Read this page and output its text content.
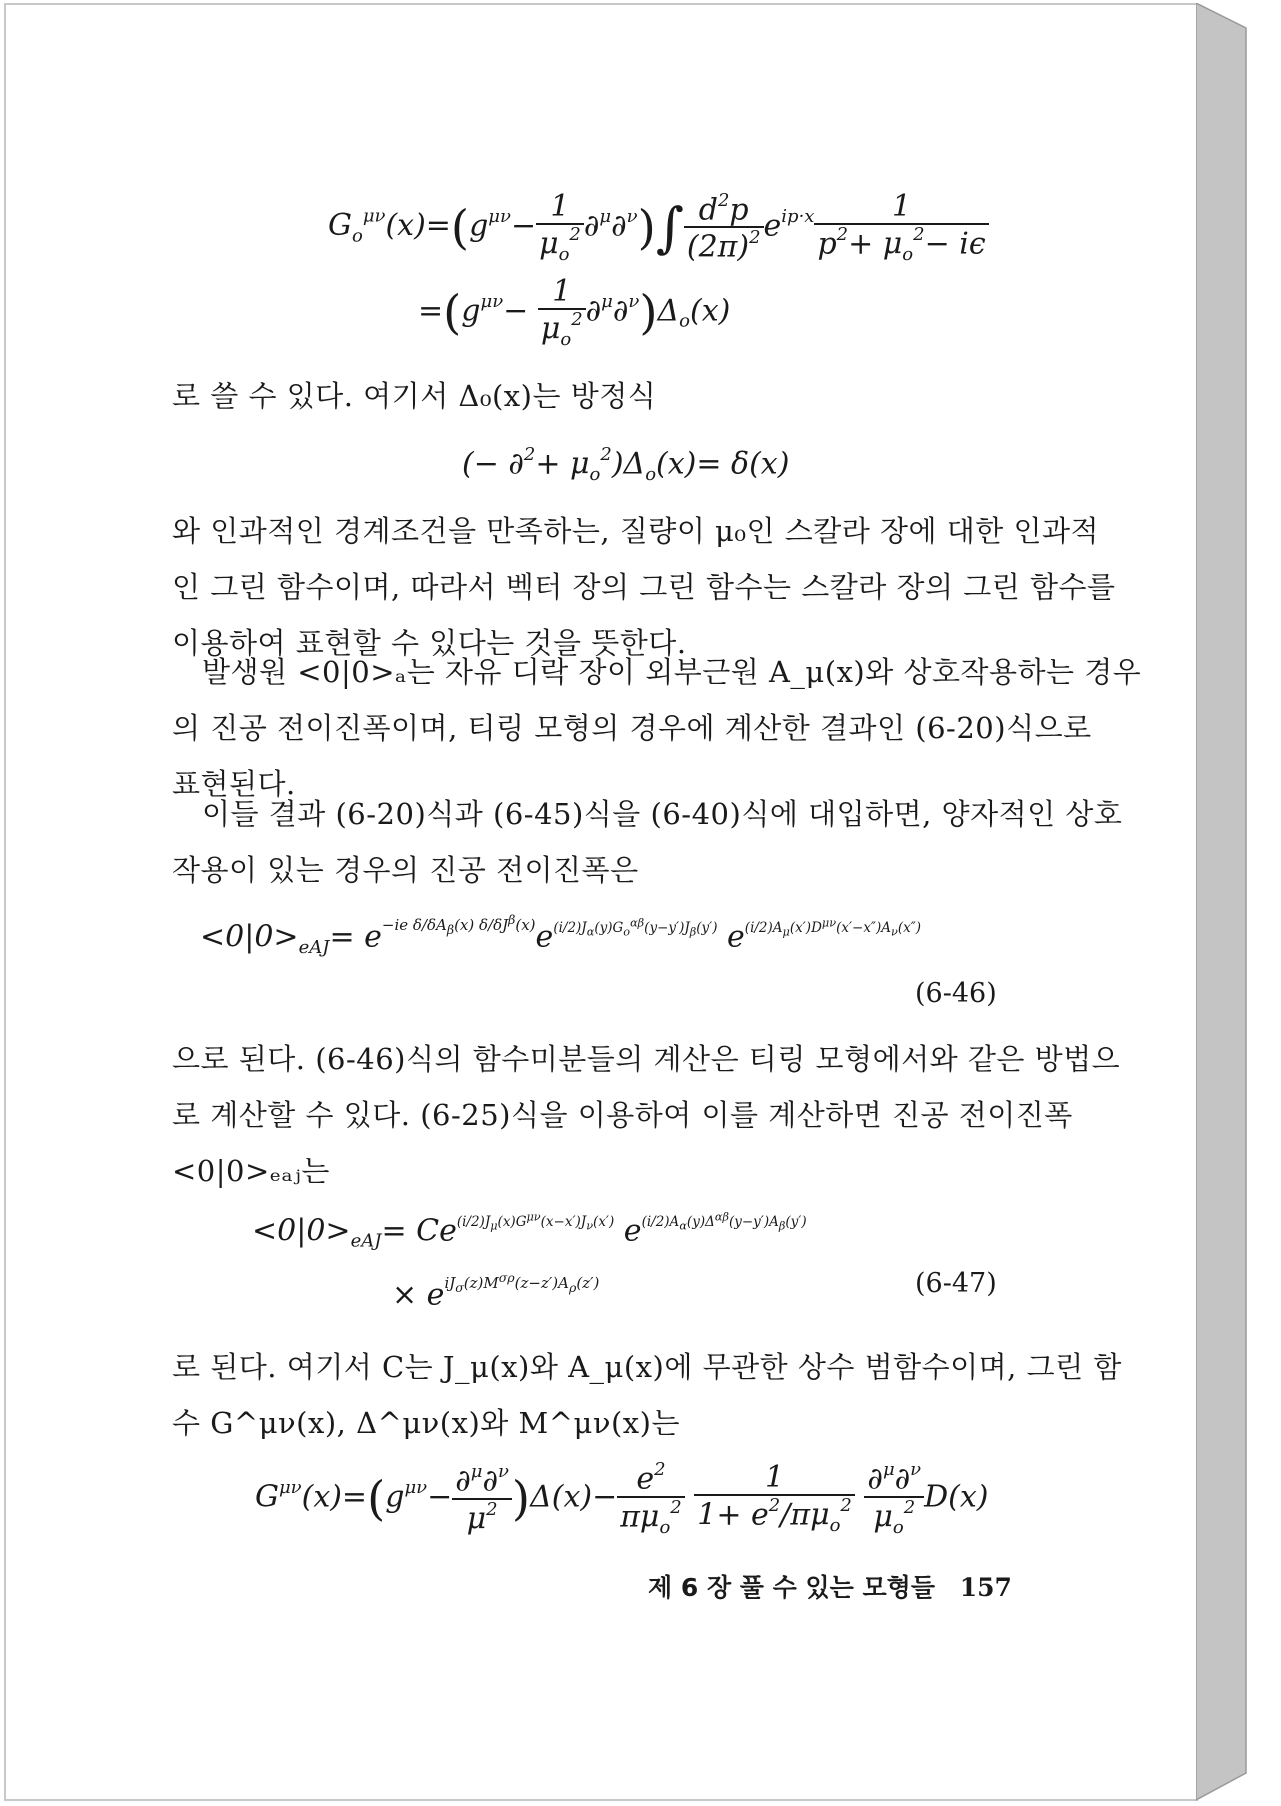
$G_o^{\mu\nu}(x)=(g^{\mu\nu}- \frac{1}{\mu_o^2} \partial^\mu\partial^\nu)\int \frac{d^2p}{(2\pi)^2} e^{ip\cdot x} \frac{1}{p^2+ \mu_o^2- i\epsilon}$
$=(g^{\mu\nu}- \frac{1}{\mu_o^2} \partial^\mu\partial^\nu)\Delta_o(x)$
로 쓸 수 있다. 여기서 Δ₀(x)는 방정식
(− $\partial^2+ \mu_o^2)\Delta_o(x)= \delta(x)$
와 인과적인 경계조건을 만족하는, 질량이 μ₀인 스칼라 장에 대한 인과적
인 그린 함수이며, 따라서 벡터 장의 그린 함수는 스칼라 장의 그린 함수를
이용하여 표현할 수 있다는 것을 뜻한다.
발생원 <0|0>ₐ는 자유 디락 장이 외부근원 A_μ(x)와 상호작용하는 경우
의 진공 전이진폭이며, 티링 모형의 경우에 계산한 결과인 (6-20)식으로
표현된다.
이들 결과 (6-20)식과 (6-45)식을 (6-40)식에 대입하면, 양자적인 상호
작용이 있는 경우의 진공 전이진폭은
$<0|0>_{eAJ}= e^{-ie \delta/\delta A_\beta(x) \delta/\delta J^\beta(x)}e^{(i/2)J_\alpha(y)G_o^{\alpha\beta}(y-y')J_\beta(y')}$ $e^{(i/2)A_\mu(x')D^{\mu\nu}(x'-x'')A_\nu(x'')}$
(6-46)
으로 된다. (6-46)식의 함수미분들의 계산은 티링 모형에서와 같은 방법으
로 계산할 수 있다. (6-25)식을 이용하여 이를 계산하면 진공 전이진폭
<0|0>ₑₐⱼ는
$<0|0>_{eAJ}= Ce^{(i/2)J_\mu(x)G^{\mu\nu}(x-x')J_\nu(x')}$ $e^{(i/2)A_\alpha(y)\Delta^{\alpha\beta}(y-y')A_\beta(y')}$
× $e^{iJ_\sigma(z)M^{\sigma\rho}(z-z')A_\rho(z')}$	(6-47)
로 된다. 여기서 C는 J_μ(x)와 A_μ(x)에 무관한 상수 범함수이며, 그린 함
수 G^μν(x), Δ^μν(x)와 M^μν(x)는
$G^{\mu\nu}(x)=(g^{\mu\nu}- \frac{\partial^\mu\partial^\nu}{\mu^2} )\Delta(x)- \frac{e^2}{\pi\mu_o^2}$
$\frac{1}{1+ e^2/\pi\mu_o^2}$
$\frac{\partial^\mu\partial^\nu}{\mu_o^2} D(x)$
제 6 장 풀 수 있는 모형들 157
